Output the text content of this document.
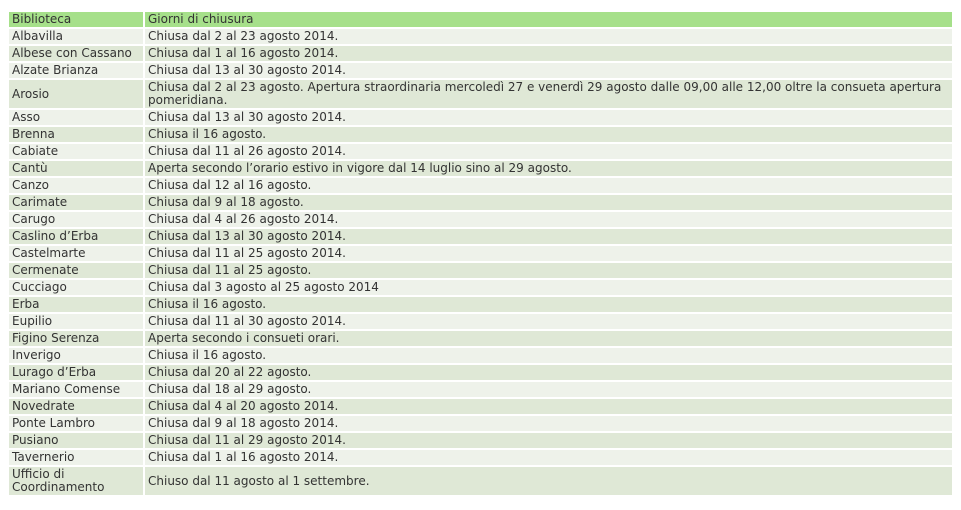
Biblioteca	Giorni di chiusura
Albavilla	Chiusa dal 2 al 23 agosto 2014.
Albese con Cassano	Chiusa dal 1 al 16 agosto 2014.
Alzate Brianza	Chiusa dal 13 al 30 agosto 2014.
Arosio	Chiusa dal 2 al 23 agosto. Apertura straordinaria mercoledì 27 e venerdì 29 agosto dalle 09,00 alle 12,00 oltre la consueta apertura pomeridiana.
Asso	Chiusa dal 13 al 30 agosto 2014.
Brenna	Chiusa il 16 agosto.
Cabiate	Chiusa dal 11 al 26 agosto 2014.
Cantù	Aperta secondo l’orario estivo in vigore dal 14 luglio sino al 29 agosto.
Canzo	Chiusa dal 12 al 16 agosto.
Carimate	Chiusa dal 9 al 18 agosto.
Carugo	Chiusa dal 4 al 26 agosto 2014.
Caslino d’Erba	Chiusa dal 13 al 30 agosto 2014.
Castelmarte	Chiusa dal 11 al 25 agosto 2014.
Cermenate	Chiusa dal 11 al 25 agosto.
Cucciago	Chiusa dal 3 agosto al 25 agosto 2014
Erba	Chiusa il 16 agosto.
Eupilio	Chiusa dal 11 al 30 agosto 2014.
Figino Serenza	Aperta secondo i consueti orari.
Inverigo	Chiusa il 16 agosto.
Lurago d’Erba	Chiusa dal 20 al 22 agosto.
Mariano Comense	Chiusa dal 18 al 29 agosto.
Novedrate	Chiusa dal 4 al 20 agosto 2014.
Ponte Lambro	Chiusa dal 9 al 18 agosto 2014.
Pusiano	Chiusa dal 11 al 29 agosto 2014.
Tavernerio	Chiusa dal 1 al 16 agosto 2014.
Ufficio di Coordinamento	Chiuso dal 11 agosto al 1 settembre.
